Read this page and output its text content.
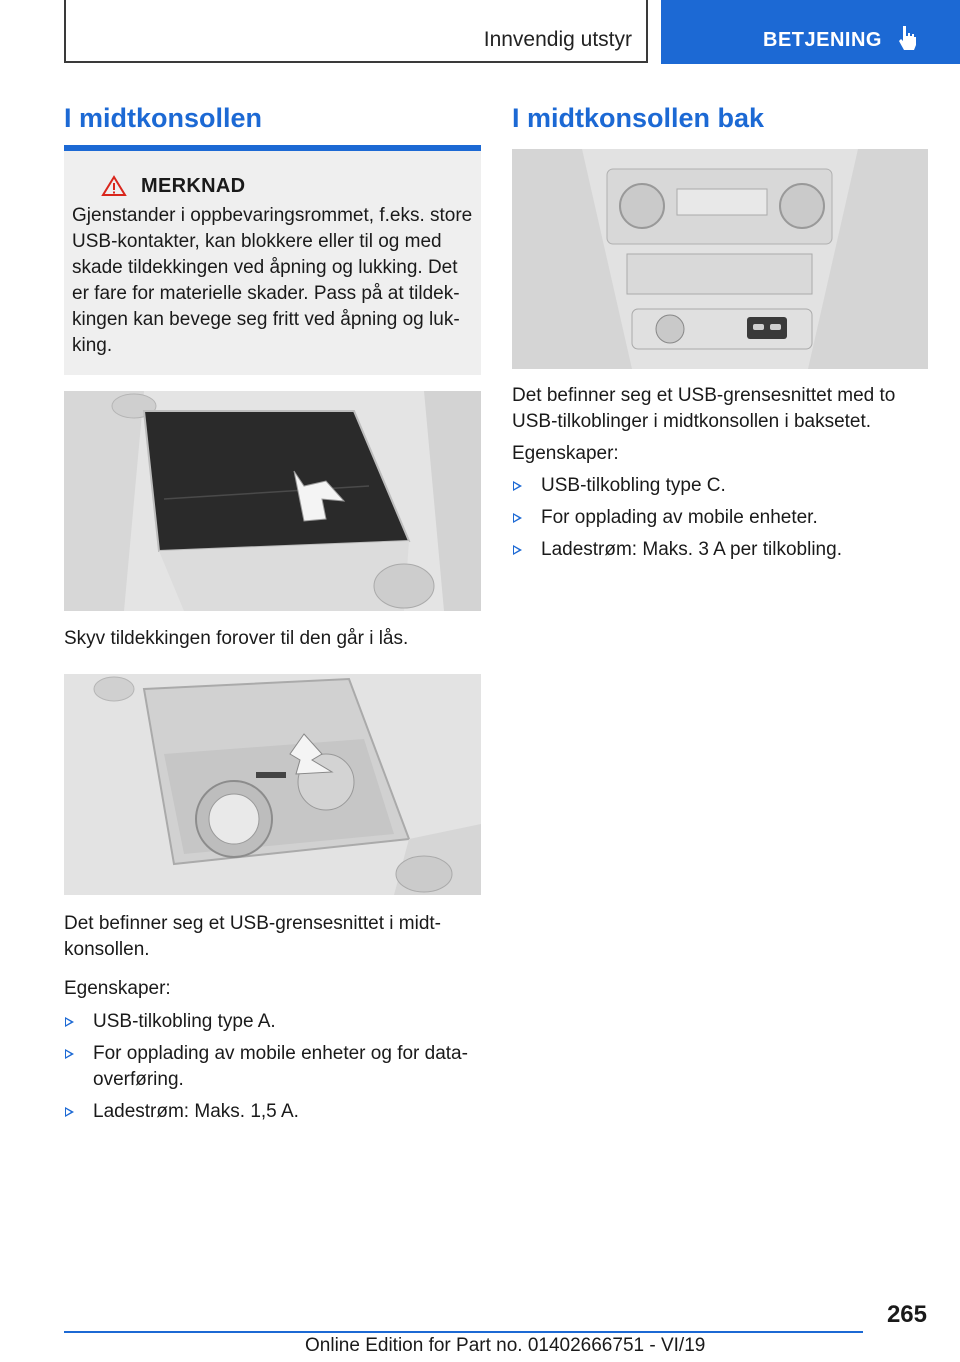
Innvendig utstyr	BETJENING
I midtkonsollen
MERKNAD
Gjenstander i oppbevaringsrommet, f.eks. store
USB-kontakter, kan blokkere eller til og med
skade tildekkingen ved åpning og lukking. Det
er fare for materielle skader. Pass på at tildek-
kingen kan bevege seg fritt ved åpning og luk-
king.
Skyv tildekkingen forover til den går i lås.
Det befinner seg et USB-grensesnittet i midt-
konsollen.
Egenskaper:
USB-tilkobling type A.
For opplading av mobile enheter og for data-
overføring.
Ladestrøm: Maks. 1,5 A.
I midtkonsollen bak
Det befinner seg et USB-grensesnittet med to
USB-tilkoblinger i midtkonsollen i baksetet.
Egenskaper:
USB-tilkobling type C.
For opplading av mobile enheter.
Ladestrøm: Maks. 3 A per tilkobling.
265
Online Edition for Part no. 01402666751 - VI/19
